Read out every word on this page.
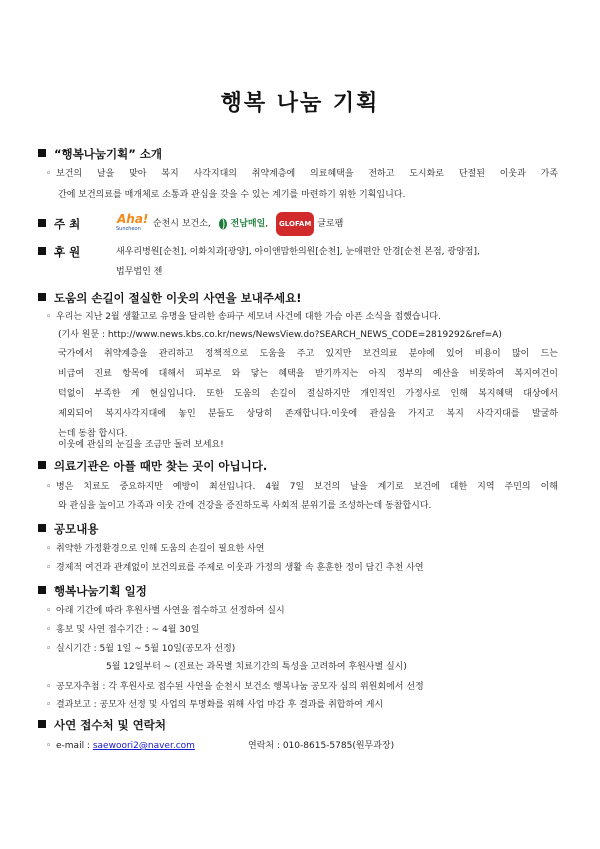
행복 나눔 기획
“행복나눔기획” 소개
◦ 보건의 날을 맞아 복지 사각지대의 취약계층에 의료혜택을 전하고 도시화로 단절된 이웃과 가족
간에 보건의료를 매개체로 소통과 관심을 갖을 수 있는 계기를 마련하기 위한 기획입니다.
주 최	Aha!
Suncheon 순천시 보건소, 전남매일, GLOFAM 글로팸
후 원	새우리병원[순천], 이화치과[광양], 아이앤맘한의원[순천], 눈애편안 안경[순천 본점, 광양점],
법무법인 젠
도움의 손길이 절실한 이웃의 사연을 보내주세요!
◦ 우리는 지난 2월 생활고로 유명을 달리한 송파구 세모녀 사건에 대한 가슴 아픈 소식을 접했습니다.
(기사 원문 : http://www.news.kbs.co.kr/news/NewsView.do?SEARCH_NEWS_CODE=2819292&ref=A)
국가에서 취약계층을 관리하고 정책적으로 도움을 주고 있지만 보건의료 분야에 있어 비용이 많이 드는
비급여 진료 항목에 대해서 피부로 와 닿는 혜택을 받기까지는 아직 정부의 예산을 비롯하여 복지여건이
턱없이 부족한 게 현실입니다. 또한 도움의 손길이 절실하지만 개인적인 가정사로 인해 복지혜택 대상에서
제외되어 복지사각지대에 놓인 분들도 상당히 존재합니다.이웃에 관심을 가지고 복지 사각지대를 발굴하
는데 동참 합시다.
이웃에 관심의 눈길을 조금만 돌려 보세요!
의료기관은 아플 때만 찾는 곳이 아닙니다.
◦ 병은 치료도 중요하지만 예방이 최선입니다. 4월 7일 보건의 날을 계기로 보건에 대한 지역 주민의 이해
와 관심을 높이고 가족과 이웃 간에 건강을 증진하도록 사회적 분위기를 조성하는데 동참합시다.
공모내용
◦ 취약한 가정환경으로 인해 도움의 손길이 필요한 사연
◦ 경제적 여건과 관계없이 보건의료를 주제로 이웃과 가정의 생활 속 훈훈한 정이 담긴 추천 사연
행복나눔기획 일정
◦ 아래 기간에 따라 후원사별 사연을 접수하고 선정하여 실시
◦ 홍보 및 사연 접수기간 : ~ 4월 30일
◦ 실시기간 : 5월 1일 ~ 5월 10일(공모자 선정)
5월 12일부터 ~ (진료는 과목별 치료기간의 특성을 고려하여 후원사별 실시)
◦ 공모자추첨 : 각 후원사로 접수된 사연을 순천시 보건소 행복나눔 공모자 심의 위원회에서 선정
◦ 결과보고 : 공모자 선정 및 사업의 투명화를 위해 사업 마감 후 결과를 취합하여 게시
사연 접수처 및 연락처
◦ e-mail : saewoori2@naver.com	연락처 : 010-8615-5785(원무과장)
